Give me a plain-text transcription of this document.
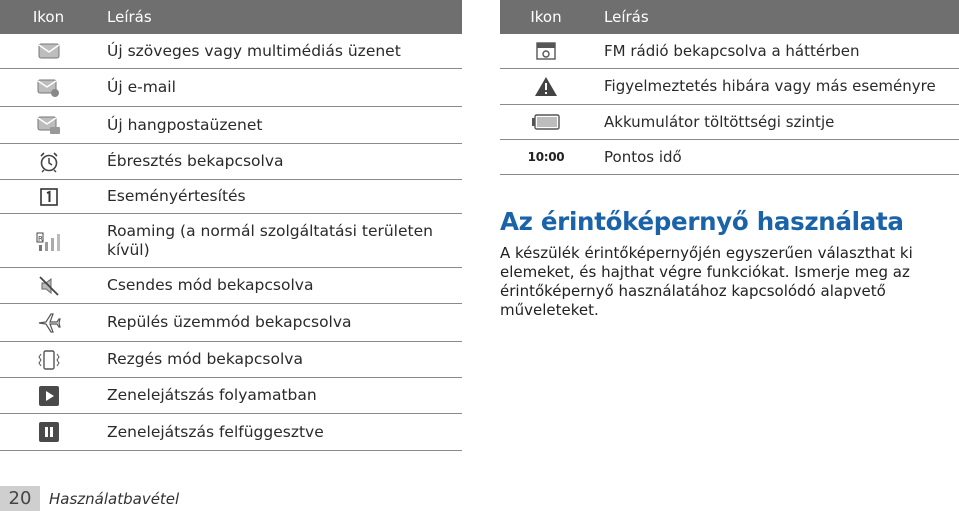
Ikon	Leírás
Új szöveges vagy multimédiás üzenet
Új e-mail
Új hangpostaüzenet
Ébresztés bekapcsolva
Eseményértesítés
R	Roaming (a normál szolgáltatási területen kívül)
Csendes mód bekapcsolva
Repülés üzemmód bekapcsolva
Rezgés mód bekapcsolva
Zenelejátszás folyamatban
Zenelejátszás felfüggesztve
Ikon	Leírás
FM rádió bekapcsolva a háttérben
Figyelmeztetés hibára vagy más eseményre
Akkumulátor töltöttségi szintje
10:00	Pontos idő
Az érintőképernyő használata
A készülék érintőképernyőjén egyszerűen választhat ki elemeket, és hajthat végre funkciókat. Ismerje meg az érintőképernyő használatához kapcsolódó alapvető műveleteket.
20	Használatbavétel
